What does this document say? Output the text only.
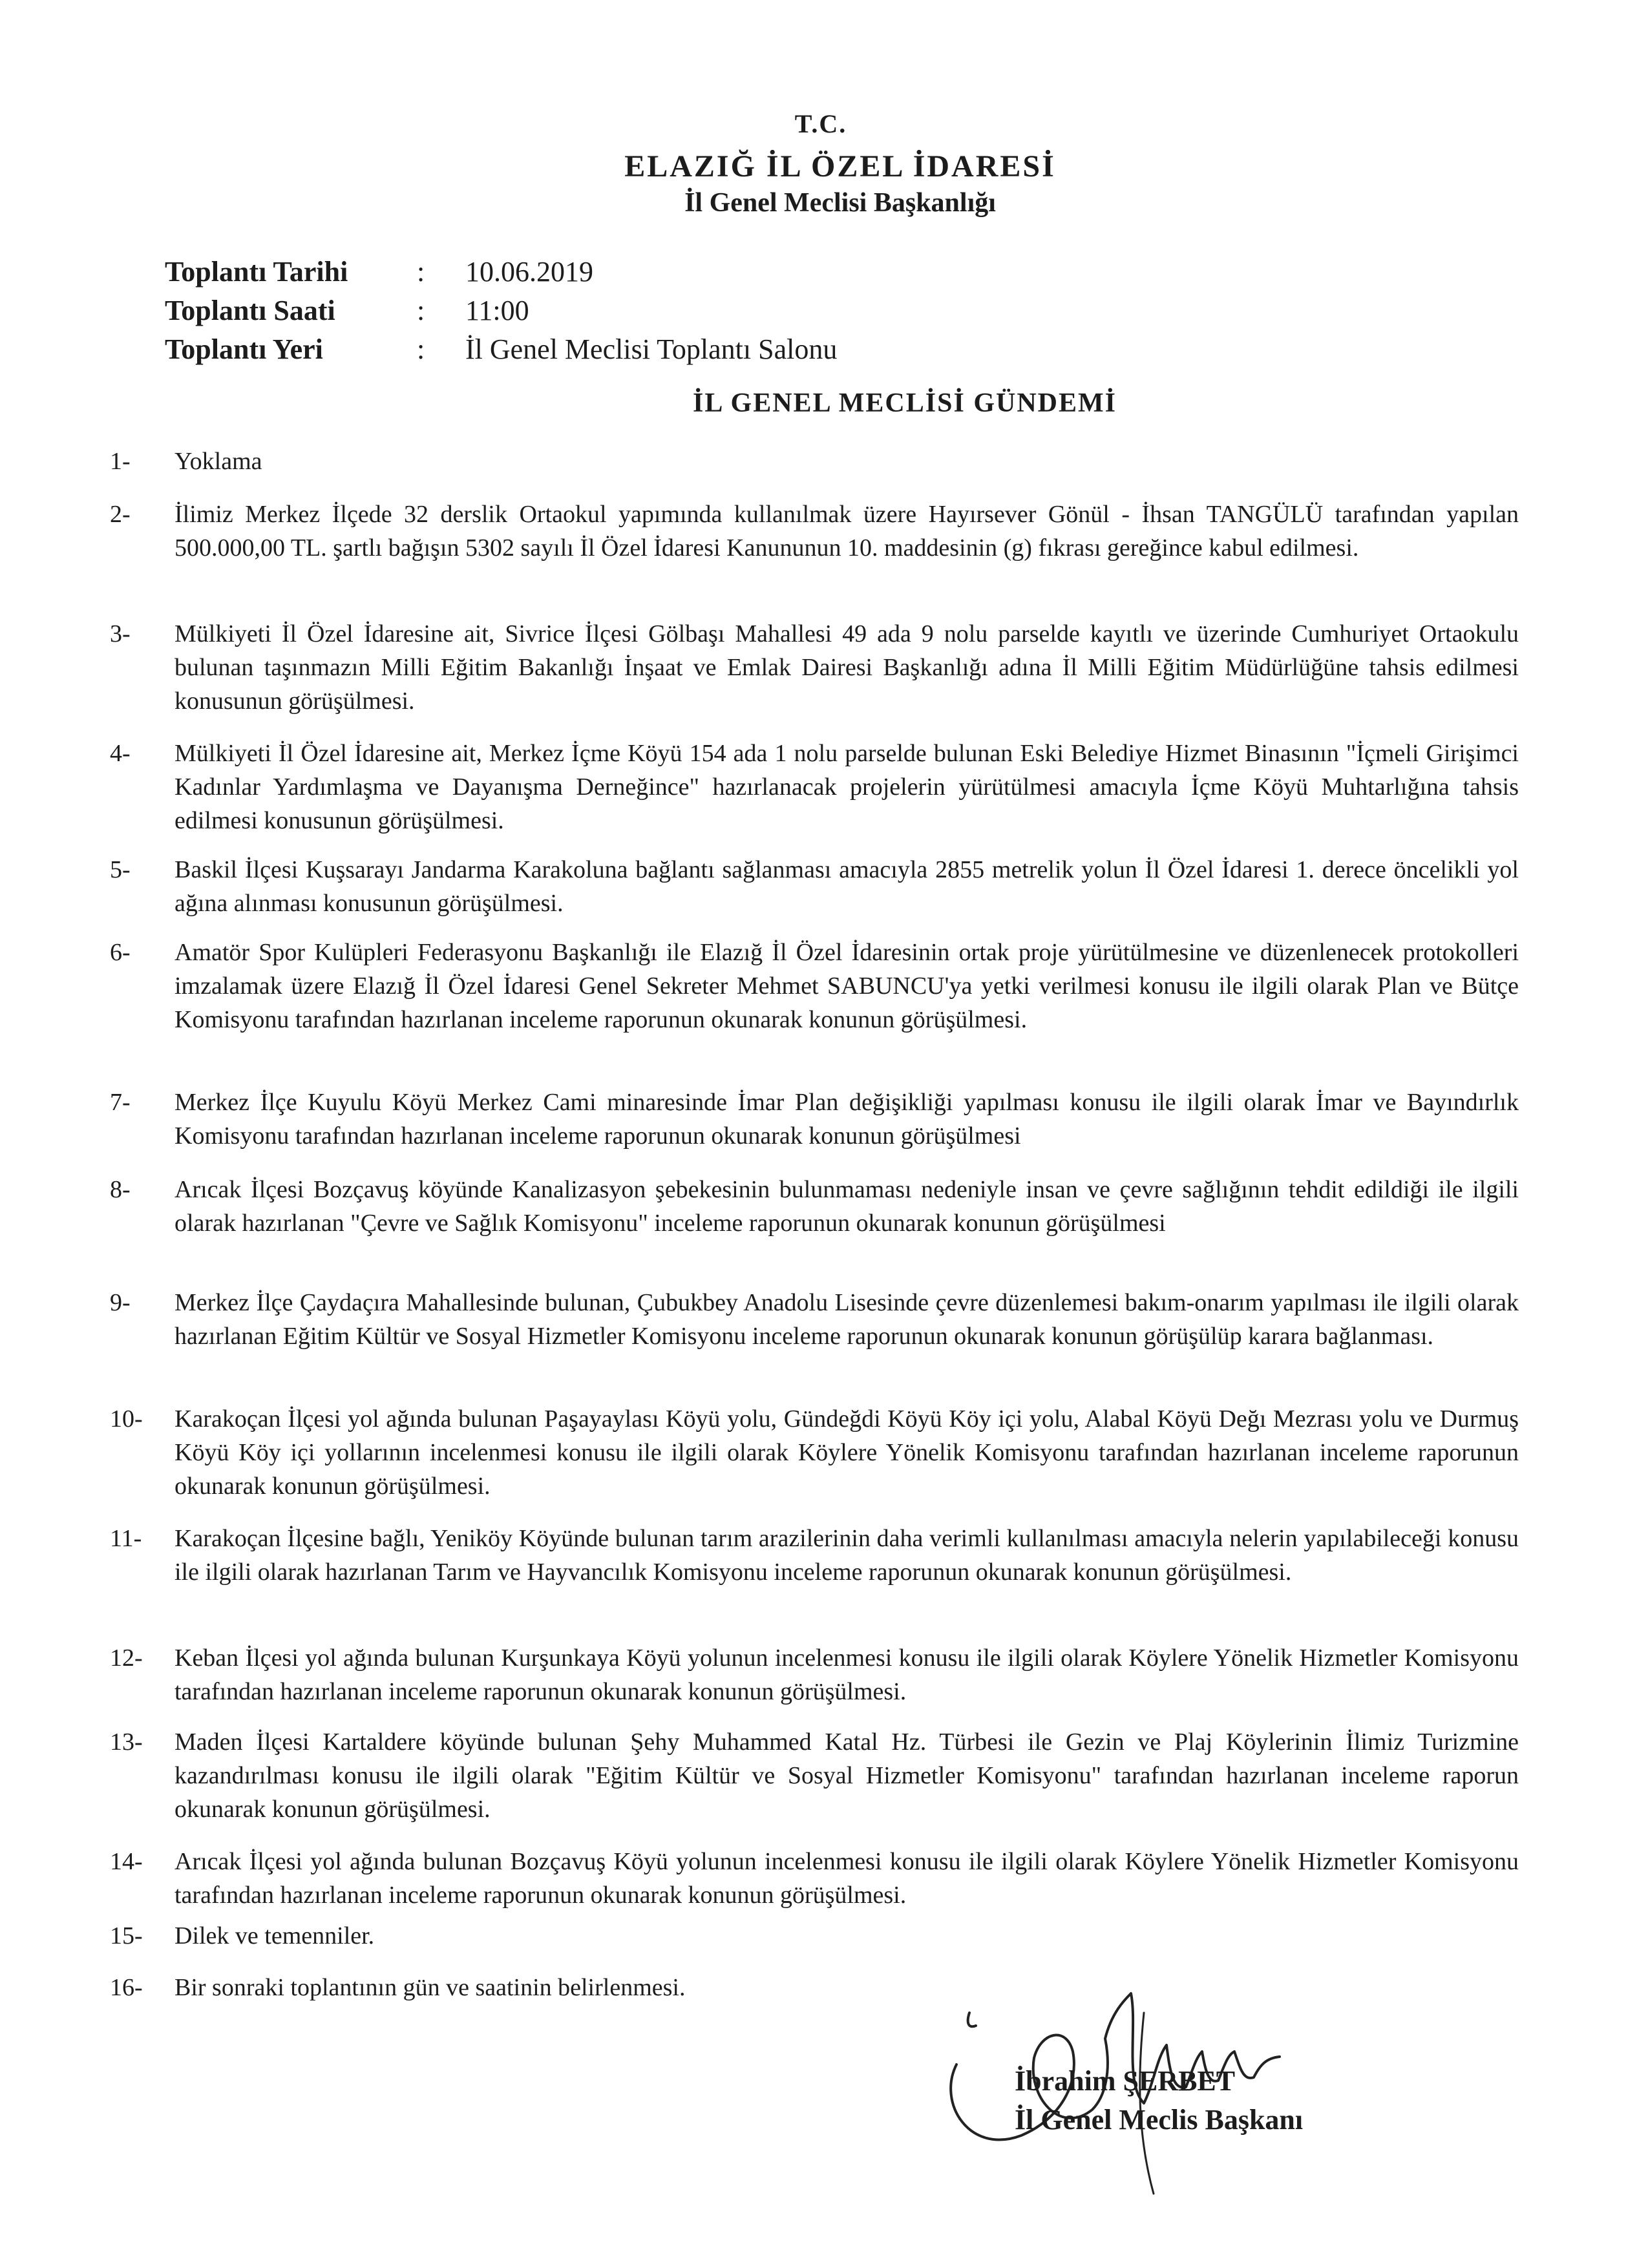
T.C.
ELAZIĞ İL ÖZEL İDARESİ
İl Genel Meclisi Başkanlığı
Toplantı Tarihi : 10.06.2019
Toplantı Saati	: 11:00
Toplantı Yeri	: İl Genel Meclisi Toplantı Salonu
İL GENEL MECLİSİ GÜNDEMİ
1-	Yoklama
2-	İlimiz Merkez İlçede 32 derslik Ortaokul yapımında kullanılmak üzere Hayırsever Gönül - İhsan TANGÜLÜ tarafından yapılan 500.000,00 TL. şartlı bağışın 5302 sayılı İl Özel İdaresi Kanununun 10. maddesinin (g) fıkrası gereğince kabul edilmesi.
3-	Mülkiyeti İl Özel İdaresine ait, Sivrice İlçesi Gölbaşı Mahallesi 49 ada 9 nolu parselde kayıtlı ve üzerinde Cumhuriyet Ortaokulu bulunan taşınmazın Milli Eğitim Bakanlığı İnşaat ve Emlak Dairesi Başkanlığı adına İl Milli Eğitim Müdürlüğüne tahsis edilmesi konusunun görüşülmesi.
4-	Mülkiyeti İl Özel İdaresine ait, Merkez İçme Köyü 154 ada 1 nolu parselde bulunan Eski Belediye Hizmet Binasının "İçmeli Girişimci Kadınlar Yardımlaşma ve Dayanışma Derneğince" hazırlanacak projelerin yürütülmesi amacıyla İçme Köyü Muhtarlığına tahsis edilmesi konusunun görüşülmesi.
5-	Baskil İlçesi Kuşsarayı Jandarma Karakoluna bağlantı sağlanması amacıyla 2855 metrelik yolun İl Özel İdaresi 1. derece öncelikli yol ağına alınması konusunun görüşülmesi.
6-	Amatör Spor Kulüpleri Federasyonu Başkanlığı ile Elazığ İl Özel İdaresinin ortak proje yürütülmesine ve düzenlenecek protokolleri imzalamak üzere Elazığ İl Özel İdaresi Genel Sekreter Mehmet SABUNCU'ya yetki verilmesi konusu ile ilgili olarak Plan ve Bütçe Komisyonu tarafından hazırlanan inceleme raporunun okunarak konunun görüşülmesi.
7-	Merkez İlçe Kuyulu Köyü Merkez Cami minaresinde İmar Plan değişikliği yapılması konusu ile ilgili olarak İmar ve Bayındırlık Komisyonu tarafından hazırlanan inceleme raporunun okunarak konunun görüşülmesi
8-	Arıcak İlçesi Bozçavuş köyünde Kanalizasyon şebekesinin bulunmaması nedeniyle insan ve çevre sağlığının tehdit edildiği ile ilgili olarak hazırlanan "Çevre ve Sağlık Komisyonu" inceleme raporunun okunarak konunun görüşülmesi
9-	Merkez İlçe Çaydaçıra Mahallesinde bulunan, Çubukbey Anadolu Lisesinde çevre düzenlemesi bakım-onarım yapılması ile ilgili olarak hazırlanan Eğitim Kültür ve Sosyal Hizmetler Komisyonu inceleme raporunun okunarak konunun görüşülüp karara bağlanması.
10-	Karakoçan İlçesi yol ağında bulunan Paşayaylası Köyü yolu, Gündeğdi Köyü Köy içi yolu, Alabal Köyü Değı Mezrası yolu ve Durmuş Köyü Köy içi yollarının incelenmesi konusu ile ilgili olarak Köylere Yönelik Komisyonu tarafından hazırlanan inceleme raporunun okunarak konunun görüşülmesi.
11-	Karakoçan İlçesine bağlı, Yeniköy Köyünde bulunan tarım arazilerinin daha verimli kullanılması amacıyla nelerin yapılabileceği konusu ile ilgili olarak hazırlanan Tarım ve Hayvancılık Komisyonu inceleme raporunun okunarak konunun görüşülmesi.
12-	Keban İlçesi yol ağında bulunan Kurşunkaya Köyü yolunun incelenmesi konusu ile ilgili olarak Köylere Yönelik Hizmetler Komisyonu tarafından hazırlanan inceleme raporunun okunarak konunun görüşülmesi.
13-	Maden İlçesi Kartaldere köyünde bulunan Şehy Muhammed Katal Hz. Türbesi ile Gezin ve Plaj Köylerinin İlimiz Turizmine kazandırılması konusu ile ilgili olarak "Eğitim Kültür ve Sosyal Hizmetler Komisyonu" tarafından hazırlanan inceleme raporun okunarak konunun görüşülmesi.
14-	Arıcak İlçesi yol ağında bulunan Bozçavuş Köyü yolunun incelenmesi konusu ile ilgili olarak Köylere Yönelik Hizmetler Komisyonu tarafından hazırlanan inceleme raporunun okunarak konunun görüşülmesi.
15-	Dilek ve temenniler.
16-	Bir sonraki toplantının gün ve saatinin belirlenmesi.
İbrahim ŞERBET
İl Genel Meclis Başkanı
